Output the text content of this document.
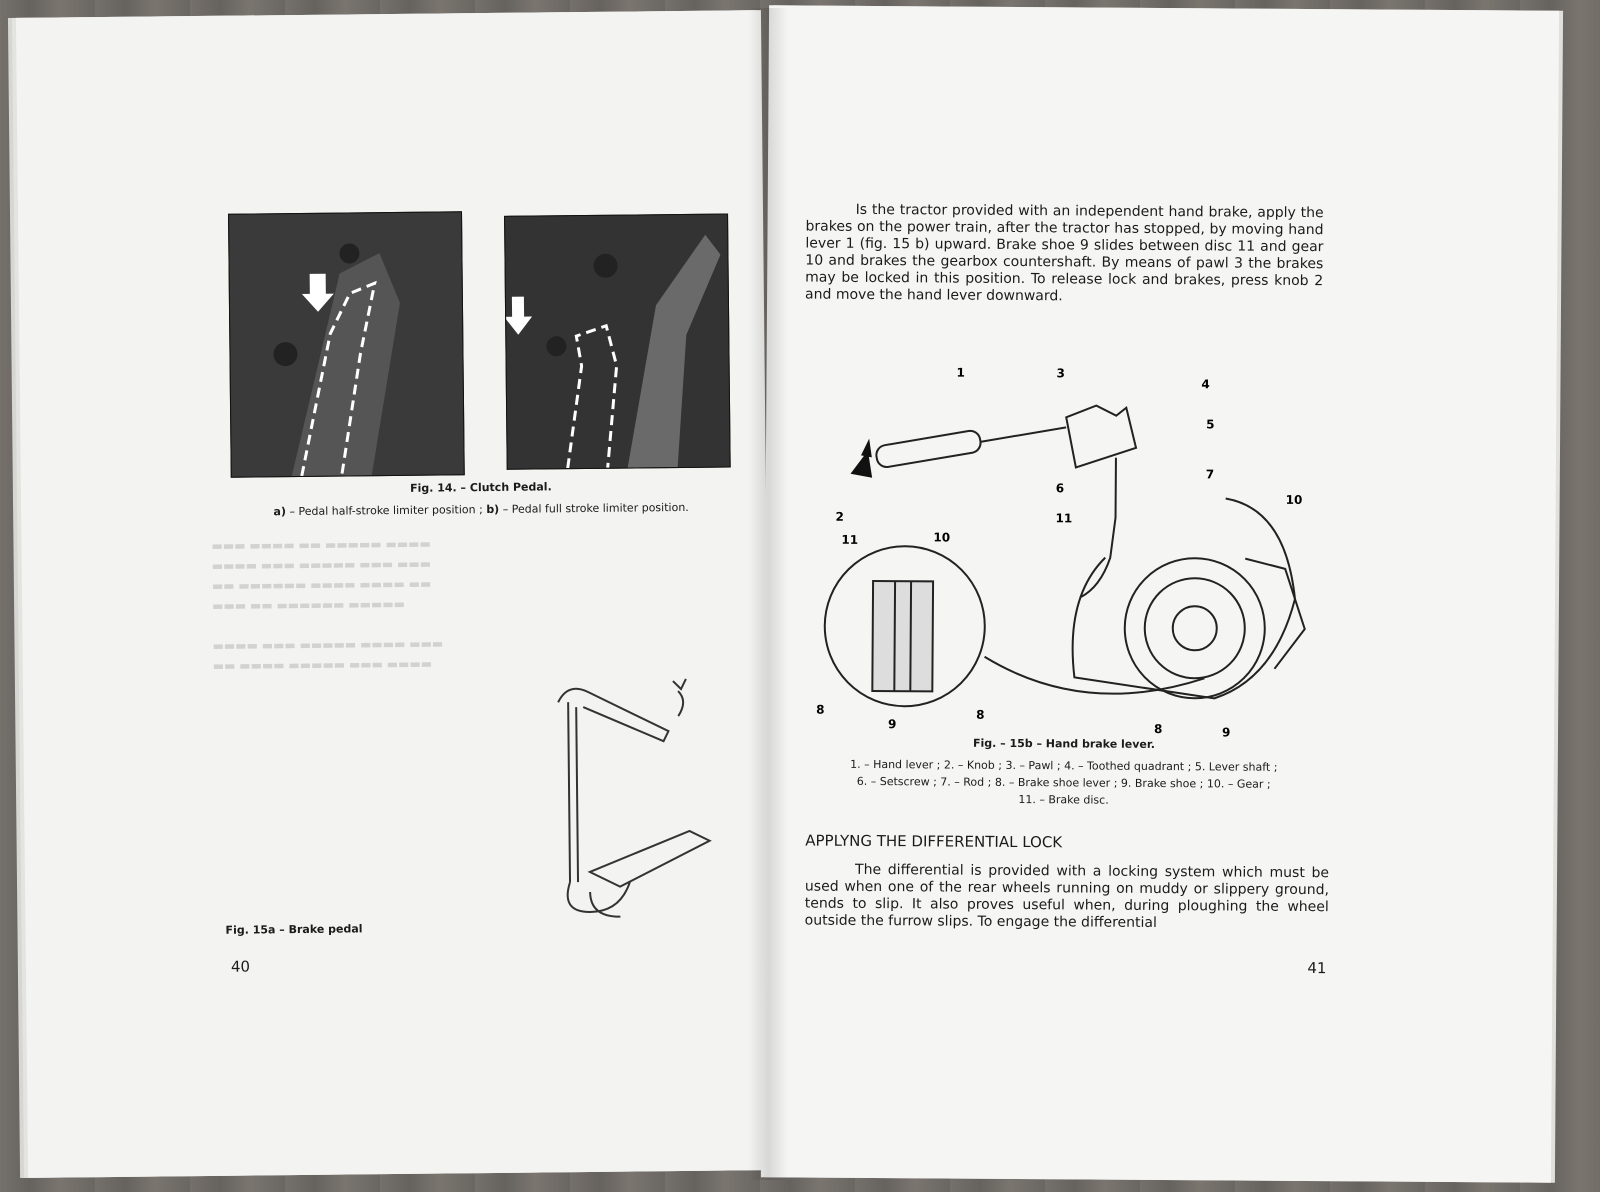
▬▬▬ ▬▬▬▬ ▬▬ ▬▬▬▬▬ ▬▬▬▬
▬▬▬▬ ▬▬▬ ▬▬▬▬▬ ▬▬▬ ▬▬▬
▬▬ ▬▬▬▬▬▬ ▬▬▬▬ ▬▬▬▬ ▬▬
▬▬▬ ▬▬ ▬▬▬▬▬▬ ▬▬▬▬▬

▬▬▬▬ ▬▬▬ ▬▬▬▬▬ ▬▬▬▬ ▬▬▬
▬▬ ▬▬▬▬ ▬▬▬▬▬ ▬▬▬ ▬▬▬▬
Fig. 14. – Clutch Pedal.
a) – Pedal half-stroke limiter position ; b) – Pedal full stroke limiter position.
Fig. 15a – Brake pedal
40

Is the tractor provided with an independent hand brake, apply the brakes on the power train, after the tractor has stopped, by moving hand lever 1 (fig. 15 b) upward. Brake shoe 9 slides between disc 11 and gear 10 and brakes the gearbox countershaft. By means of pawl 3 the brakes may be locked in this position. To release lock and brakes, press knob 2 and move the hand lever downward.

1
2
3
4
5
6
7
10
11
8	9
11	10
8
9
8
Fig. – 15b – Hand brake lever.
1. – Hand lever ; 2. – Knob ; 3. – Pawl ; 4. – Toothed quadrant ; 5. Lever shaft ;
6. – Setscrew ; 7. – Rod ; 8. – Brake shoe lever ; 9. Brake shoe ; 10. – Gear ;
11. – Brake disc.
APPLYNG THE DIFFERENTIAL LOCK

The differential is provided with a locking system which must be used when one of the rear wheels running on muddy or slippery ground, tends to slip. It also proves useful when, during ploughing the wheel outside the furrow slips. To engage the differential

41
